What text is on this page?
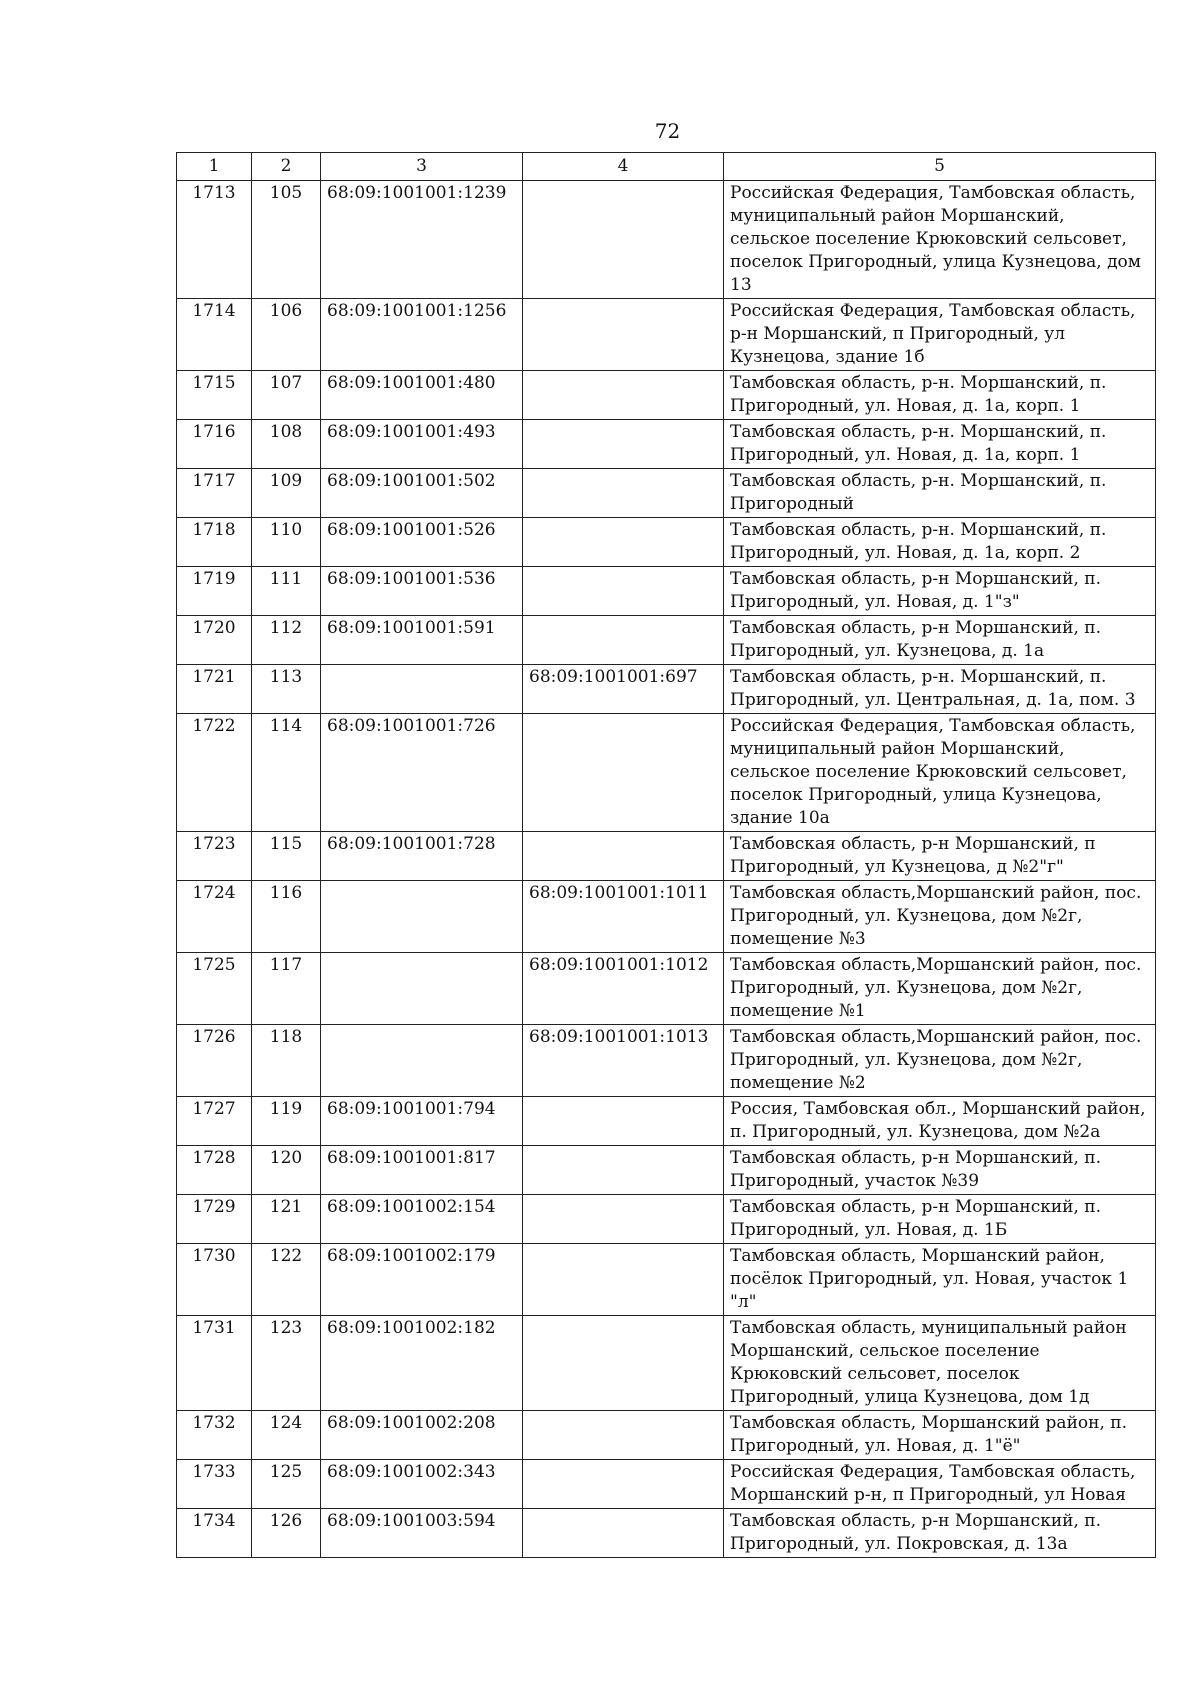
72
1	2	3	4	5
1713	105	68:09:1001001:1239		Российская Федерация, Тамбовская область, муниципальный район Моршанский, сельское поселение Крюковский сельсовет, поселок Пригородный, улица Кузнецова, дом 13
1714	106	68:09:1001001:1256		Российская Федерация, Тамбовская область, р-н Моршанский, п Пригородный, ул Кузнецова, здание 1б
1715	107	68:09:1001001:480		Тамбовская область, р-н. Моршанский, п. Пригородный, ул. Новая, д. 1а, корп. 1
1716	108	68:09:1001001:493		Тамбовская область, р-н. Моршанский, п. Пригородный, ул. Новая, д. 1а, корп. 1
1717	109	68:09:1001001:502		Тамбовская область, р-н. Моршанский, п. Пригородный
1718	110	68:09:1001001:526		Тамбовская область, р-н. Моршанский, п. Пригородный, ул. Новая, д. 1а, корп. 2
1719	111	68:09:1001001:536		Тамбовская область, р-н Моршанский, п. Пригородный, ул. Новая, д. 1"з"
1720	112	68:09:1001001:591		Тамбовская область, р-н Моршанский, п. Пригородный, ул. Кузнецова, д. 1а
1721	113		68:09:1001001:697	Тамбовская область, р-н. Моршанский, п. Пригородный, ул. Центральная, д. 1а, пом. 3
1722	114	68:09:1001001:726		Российская Федерация, Тамбовская область, муниципальный район Моршанский, сельское поселение Крюковский сельсовет, поселок Пригородный, улица Кузнецова, здание 10а
1723	115	68:09:1001001:728		Тамбовская область, р-н Моршанский, п Пригородный, ул Кузнецова, д №2"г"
1724	116		68:09:1001001:1011	Тамбовская область,Моршанский район, пос. Пригородный, ул. Кузнецова, дом №2г, помещение №3
1725	117		68:09:1001001:1012	Тамбовская область,Моршанский район, пос. Пригородный, ул. Кузнецова, дом №2г, помещение №1
1726	118		68:09:1001001:1013	Тамбовская область,Моршанский район, пос. Пригородный, ул. Кузнецова, дом №2г, помещение №2
1727	119	68:09:1001001:794		Россия, Тамбовская обл., Моршанский район, п. Пригородный, ул. Кузнецова, дом №2а
1728	120	68:09:1001001:817		Тамбовская область, р-н Моршанский, п. Пригородный, участок №39
1729	121	68:09:1001002:154		Тамбовская область, р-н Моршанский, п. Пригородный, ул. Новая, д. 1Б
1730	122	68:09:1001002:179		Тамбовская область, Моршанский район, посёлок Пригородный, ул. Новая, участок 1 "л"
1731	123	68:09:1001002:182		Тамбовская область, муниципальный район Моршанский, сельское поселение Крюковский сельсовет, поселок Пригородный, улица Кузнецова, дом 1д
1732	124	68:09:1001002:208		Тамбовская область, Моршанский район, п. Пригородный, ул. Новая, д. 1"ё"
1733	125	68:09:1001002:343		Российская Федерация, Тамбовская область, Моршанский р-н, п Пригородный, ул Новая
1734	126	68:09:1001003:594		Тамбовская область, р-н Моршанский, п. Пригородный, ул. Покровская, д. 13а
